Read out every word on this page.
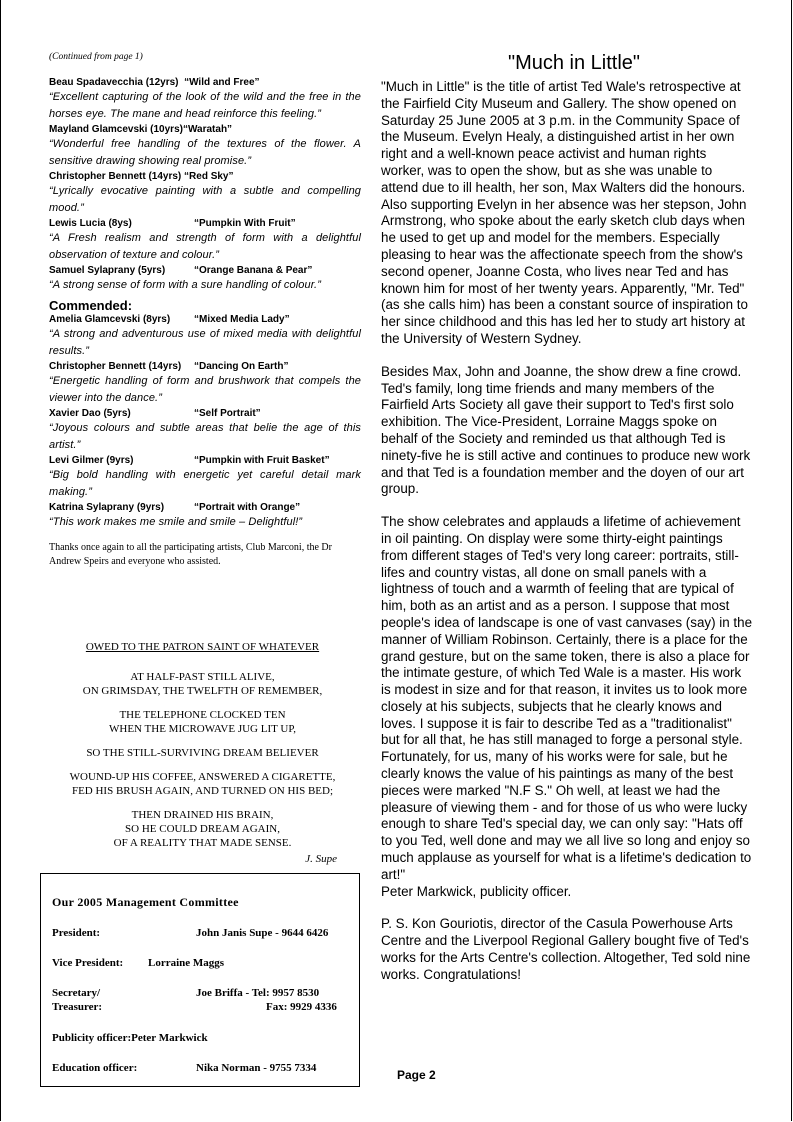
(Continued from page 1)
Beau Spadavecchia (12yrs) “Wild and Free”
“Excellent capturing of the look of the wild and the free in the horses eye. The mane and head reinforce this feeling.”
Mayland Glamcevski (10yrs)“Waratah”
“Wonderful free handling of the textures of the flower. A sensitive drawing showing real promise.”
Christopher Bennett (14yrs) “Red Sky”
“Lyrically evocative painting with a subtle and compelling mood.”
Lewis Lucia (8ys)	“Pumpkin With Fruit”
“A Fresh realism and strength of form with a delightful observation of texture and colour.”
Samuel Sylaprany (5yrs)	“Orange Banana & Pear”
“A strong sense of form with a sure handling of colour.”
Commended:
Amelia Glamcevski (8yrs) “Mixed Media Lady”
“A strong and adventurous use of mixed media with delightful results.”
Christopher Bennett (14yrs) “Dancing On Earth”
“Energetic handling of form and brushwork that compels the viewer into the dance.”
Xavier Dao (5yrs)	“Self Portrait”
“Joyous colours and subtle areas that belie the age of this artist.”
Levi Gilmer (9yrs)	“Pumpkin with Fruit Basket”
“Big bold handling with energetic yet careful detail mark making.”
Katrina Sylaprany (9yrs)	“Portrait with Orange”
“This work makes me smile and smile – Delightful!”
Thanks once again to all the participating artists, Club Marconi, the Dr Andrew Speirs and everyone who assisted.
OWED TO THE PATRON SAINT OF WHATEVER
AT HALF-PAST STILL ALIVE,
ON GRIMSDAY, THE TWELFTH OF REMEMBER,
THE TELEPHONE CLOCKED TEN
WHEN THE MICROWAVE JUG LIT UP,
SO THE STILL-SURVIVING DREAM BELIEVER
WOUND-UP HIS COFFEE, ANSWERED A CIGARETTE,
FED HIS BRUSH AGAIN, AND TURNED ON HIS BED;
THEN DRAINED HIS BRAIN,
SO HE COULD DREAM AGAIN,
OF A REALITY THAT MADE SENSE.
J. Supe
Our 2005 Management Committee
President:	John Janis Supe - 9644 6426
Vice President: Lorraine Maggs
Secretary/	Joe Briffa - Tel: 9957 8530
Treasurer:	Fax: 9929 4336
Publicity officer:Peter Markwick
Education officer:	Nika Norman - 9755 7334
"Much in Little"

"Much in Little" is the title of artist Ted Wale's retrospective at the Fairfield City Museum and Gallery. The show opened on Saturday 25 June 2005 at 3 p.m. in the Community Space of the Museum. Evelyn Healy, a distinguished artist in her own right and a well-known peace activist and human rights worker, was to open the show, but as she was unable to attend due to ill health, her son, Max Walters did the honours. Also supporting Evelyn in her absence was her stepson, John Armstrong, who spoke about the early sketch club days when he used to get up and model for the members. Especially pleasing to hear was the affectionate speech from the show's second opener, Joanne Costa, who lives near Ted and has known him for most of her twenty years. Apparently, "Mr. Ted" (as she calls him) has been a constant source of inspiration to her since childhood and this has led her to study art history at the University of Western Sydney.

Besides Max, John and Joanne, the show drew a fine crowd. Ted's family, long time friends and many members of the Fairfield Arts Society all gave their support to Ted's first solo exhibition. The Vice-President, Lorraine Maggs spoke on behalf of the Society and reminded us that although Ted is ninety-five he is still active and continues to produce new work and that Ted is a foundation member and the doyen of our art group.

The show celebrates and applauds a lifetime of achievement in oil painting. On display were some thirty-eight paintings from different stages of Ted's very long career: portraits, still-lifes and country vistas, all done on small panels with a lightness of touch and a warmth of feeling that are typical of him, both as an artist and as a person. I suppose that most people's idea of landscape is one of vast canvases (say) in the manner of William Robinson. Certainly, there is a place for the grand gesture, but on the same token, there is also a place for the intimate gesture, of which Ted Wale is a master. His work is modest in size and for that reason, it invites us to look more closely at his subjects, subjects that he clearly knows and loves. I suppose it is fair to describe Ted as a "traditionalist" but for all that, he has still managed to forge a personal style. Fortunately, for us, many of his works were for sale, but he clearly knows the value of his paintings as many of the best pieces were marked "N.F S." Oh well, at least we had the pleasure of viewing them - and for those of us who were lucky enough to share Ted's special day, we can only say: "Hats off to you Ted, well done and may we all live so long and enjoy so much applause as yourself for what is a lifetime's dedication to art!"

Peter Markwick, publicity officer.

P. S. Kon Gouriotis, director of the Casula Powerhouse Arts Centre and the Liverpool Regional Gallery bought five of Ted's works for the Arts Centre's collection. Altogether, Ted sold nine works. Congratulations!

Page 2
